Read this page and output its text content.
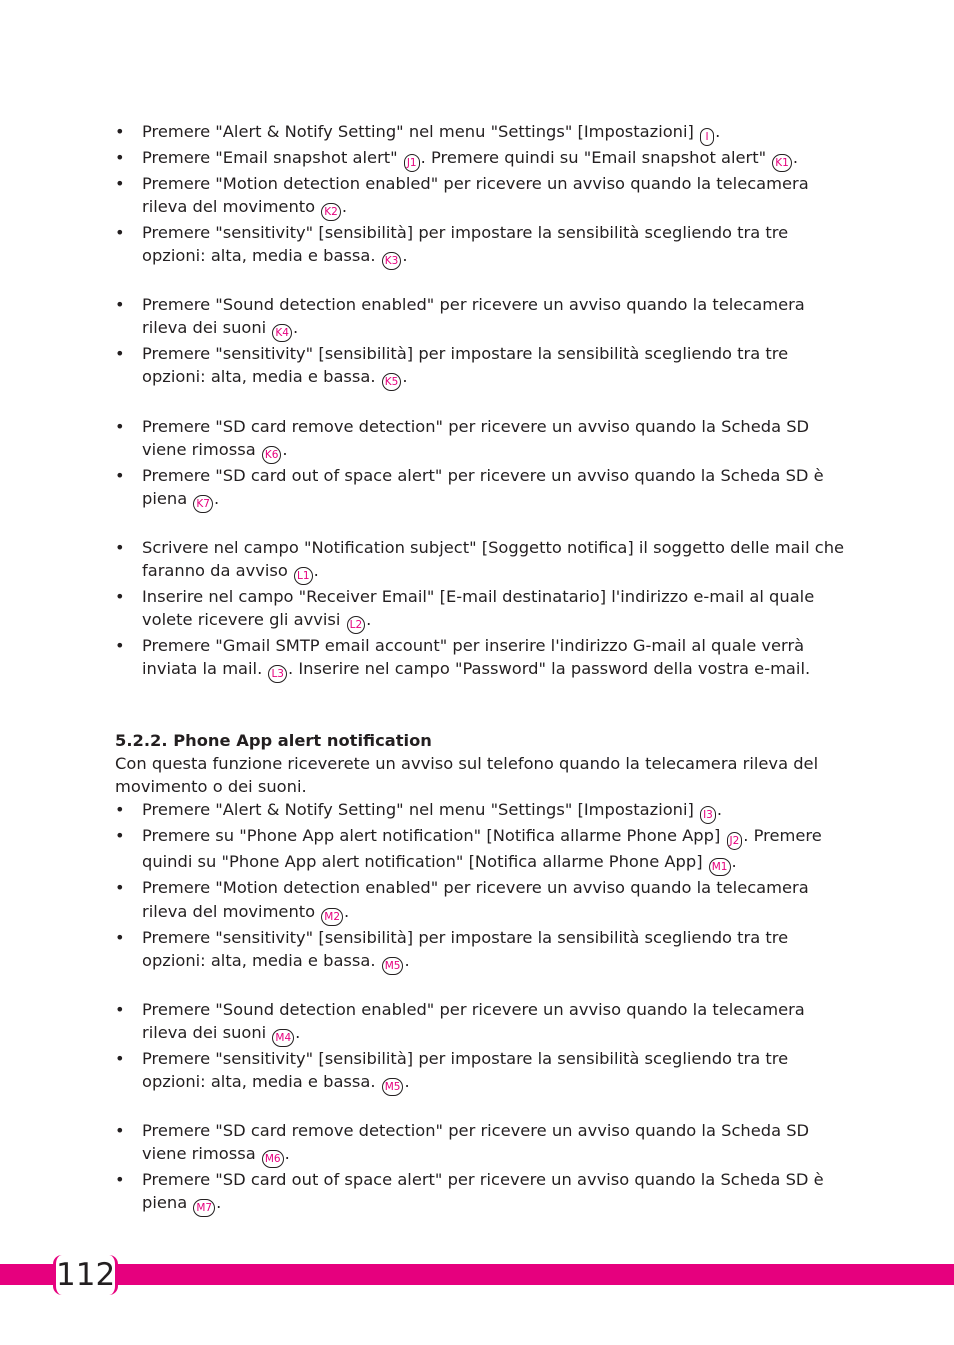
• Premere "Alert & Notify Setting" nel menu "Settings" [Impostazioni] I .
• Premere "Email snapshot alert" J1 . Premere quindi su "Email snapshot alert" K1 .
• Premere "Motion detection enabled" per ricevere un avviso quando la telecamera rileva del movimento K2 .
• Premere "sensitivity" [sensibilità] per impostare la sensibilità scegliendo tra tre opzioni: alta, media e bassa. K3 .
• Premere "Sound detection enabled" per ricevere un avviso quando la telecamera rileva dei suoni K4 .
• Premere "sensitivity" [sensibilità] per impostare la sensibilità scegliendo tra tre opzioni: alta, media e bassa. K5 .
• Premere "SD card remove detection" per ricevere un avviso quando la Scheda SD viene rimossa K6 .
• Premere "SD card out of space alert" per ricevere un avviso quando la Scheda SD è piena K7 .
• Scrivere nel campo "Notification subject" [Soggetto notifica] il soggetto delle mail che faranno da avviso L1 .
• Inserire nel campo "Receiver Email" [E-mail destinatario] l'indirizzo e-mail al quale volete ricevere gli avvisi L2 .
• Premere "Gmail SMTP email account" per inserire l'indirizzo G-mail al quale verrà inviata la mail. L3 . Inserire nel campo "Password" la password della vostra e-mail.
5.2.2. Phone App alert notification
Con questa funzione riceverete un avviso sul telefono quando la telecamera rileva del movimento o dei suoni.
• Premere "Alert & Notify Setting" nel menu "Settings" [Impostazioni] I3 .
• Premere su "Phone App alert notification" [Notifica allarme Phone App] J2 . Premere quindi su "Phone App alert notification" [Notifica allarme Phone App] M1 .
• Premere "Motion detection enabled" per ricevere un avviso quando la telecamera rileva del movimento M2 .
• Premere "sensitivity" [sensibilità] per impostare la sensibilità scegliendo tra tre opzioni: alta, media e bassa. M5 .
• Premere "Sound detection enabled" per ricevere un avviso quando la telecamera rileva dei suoni M4 .
• Premere "sensitivity" [sensibilità] per impostare la sensibilità scegliendo tra tre opzioni: alta, media e bassa. M5 .
• Premere "SD card remove detection" per ricevere un avviso quando la Scheda SD viene rimossa M6 .
• Premere "SD card out of space alert" per ricevere un avviso quando la Scheda SD è piena M7 .
112
